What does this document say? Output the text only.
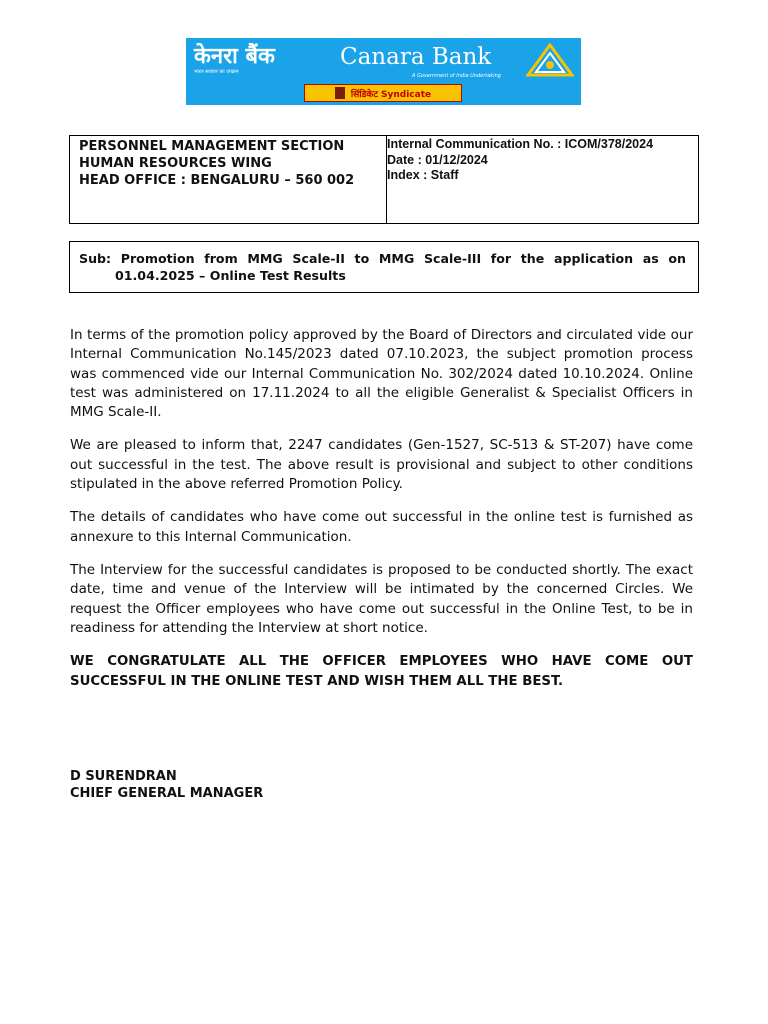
केनरा बैंक
भारत सरकार का उपक्रम
Canara Bank
A Government of India Undertaking
सिंडिकेट Syndicate
PERSONNEL MANAGEMENT SECTION
HUMAN RESOURCES WING
HEAD OFFICE : BENGALURU – 560 002
Internal Communication No. : ICOM/378/2024
Date : 01/12/2024
Index : Staff
Sub: Promotion from MMG Scale-II to MMG Scale-III for the application as on
01.04.2025 – Online Test Results

In terms of the promotion policy approved by the Board of Directors and circulated vide our Internal Communication No.145/2023 dated 07.10.2023, the subject promotion process was commenced vide our Internal Communication No. 302/2024 dated 10.10.2024. Online test was administered on 17.11.2024 to all the eligible Generalist & Specialist Officers in MMG Scale-II.

We are pleased to inform that, 2247 candidates (Gen-1527, SC-513 & ST-207) have come out successful in the test. The above result is provisional and subject to other conditions stipulated in the above referred Promotion Policy.

The details of candidates who have come out successful in the online test is furnished as annexure to this Internal Communication.

The Interview for the successful candidates is proposed to be conducted shortly. The exact date, time and venue of the Interview will be intimated by the concerned Circles. We request the Officer employees who have come out successful in the Online Test, to be in readiness for attending the Interview at short notice.

WE CONGRATULATE ALL THE OFFICER EMPLOYEES WHO HAVE COME OUT SUCCESSFUL IN THE ONLINE TEST AND WISH THEM ALL THE BEST.

D SURENDRAN
CHIEF GENERAL MANAGER
